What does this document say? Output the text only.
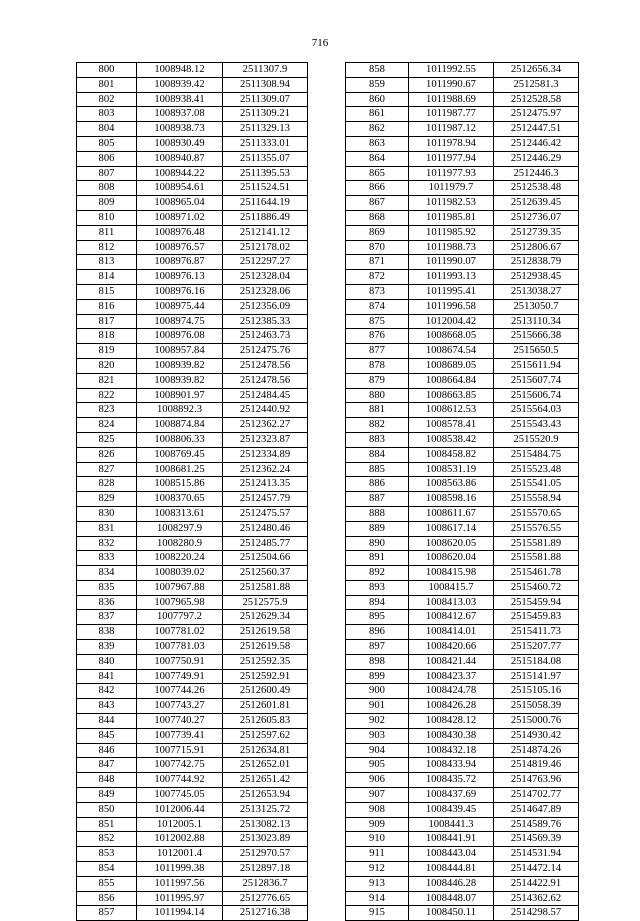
716
800	1008948.12	2511307.9
801	1008939.42	2511308.94
802	1008938.41	2511309.07
803	1008937.08	2511309.21
804	1008938.73	2511329.13
805	1008930.49	2511333.01
806	1008940.87	2511355.07
807	1008944.22	2511395.53
808	1008954.61	2511524.51
809	1008965.04	2511644.19
810	1008971.02	2511886.49
811	1008976.48	2512141.12
812	1008976.57	2512178.02
813	1008976.87	2512297.27
814	1008976.13	2512328.04
815	1008976.16	2512328.06
816	1008975.44	2512356.09
817	1008974.75	2512385.33
818	1008976.08	2512463.73
819	1008957.84	2512475.76
820	1008939.82	2512478.56
821	1008939.82	2512478.56
822	1008901.97	2512484.45
823	1008892.3	2512440.92
824	1008874.84	2512362.27
825	1008806.33	2512323.87
826	1008769.45	2512334.89
827	1008681.25	2512362.24
828	1008515.86	2512413.35
829	1008370.65	2512457.79
830	1008313.61	2512475.57
831	1008297.9	2512480.46
832	1008280.9	2512485.77
833	1008220.24	2512504.66
834	1008039.02	2512560.37
835	1007967.88	2512581.88
836	1007965.98	2512575.9
837	1007797.2	2512629.34
838	1007781.02	2512619.58
839	1007781.03	2512619.58
840	1007750.91	2512592.35
841	1007749.91	2512592.91
842	1007744.26	2512600.49
843	1007743.27	2512601.81
844	1007740.27	2512605.83
845	1007739.41	2512597.62
846	1007715.91	2512634.81
847	1007742.75	2512652.01
848	1007744.92	2512651.42
849	1007745.05	2512653.94
850	1012006.44	2513125.72
851	1012005.1	2513082.13
852	1012002.88	2513023.89
853	1012001.4	2512970.57
854	1011999.38	2512897.18
855	1011997.56	2512836.7
856	1011995.97	2512776.65
857	1011994.14	2512716.38
858	1011992.55	2512656.34
859	1011990.67	2512581.3
860	1011988.69	2512528.58
861	1011987.77	2512475.97
862	1011987.12	2512447.51
863	1011978.94	2512446.42
864	1011977.94	2512446.29
865	1011977.93	2512446.3
866	1011979.7	2512538.48
867	1011982.53	2512639.45
868	1011985.81	2512736.07
869	1011985.92	2512739.35
870	1011988.73	2512806.67
871	1011990.07	2512838.79
872	1011993.13	2512938.45
873	1011995.41	2513038.27
874	1011996.58	2513050.7
875	1012004.42	2513110.34
876	1008668.05	2515666.38
877	1008674.54	2515650.5
878	1008689.05	2515611.94
879	1008664.84	2515607.74
880	1008663.85	2515606.74
881	1008612.53	2515564.03
882	1008578.41	2515543.43
883	1008538.42	2515520.9
884	1008458.82	2515484.75
885	1008531.19	2515523.48
886	1008563.86	2515541.05
887	1008598.16	2515558.94
888	1008611.67	2515570.65
889	1008617.14	2515576.55
890	1008620.05	2515581.89
891	1008620.04	2515581.88
892	1008415.98	2515461.78
893	1008415.7	2515460.72
894	1008413.03	2515459.94
895	1008412.67	2515459.83
896	1008414.01	2515411.73
897	1008420.66	2515207.77
898	1008421.44	2515184.08
899	1008423.37	2515141.97
900	1008424.78	2515105.16
901	1008426.28	2515058.39
902	1008428.12	2515000.76
903	1008430.38	2514930.42
904	1008432.18	2514874.26
905	1008433.94	2514819.46
906	1008435.72	2514763.96
907	1008437.69	2514702.77
908	1008439.45	2514647.89
909	1008441.3	2514589.76
910	1008441.91	2514569.39
911	1008443.04	2514531.94
912	1008444.81	2514472.14
913	1008446.28	2514422.91
914	1008448.07	2514362.62
915	1008450.11	2514298.57
